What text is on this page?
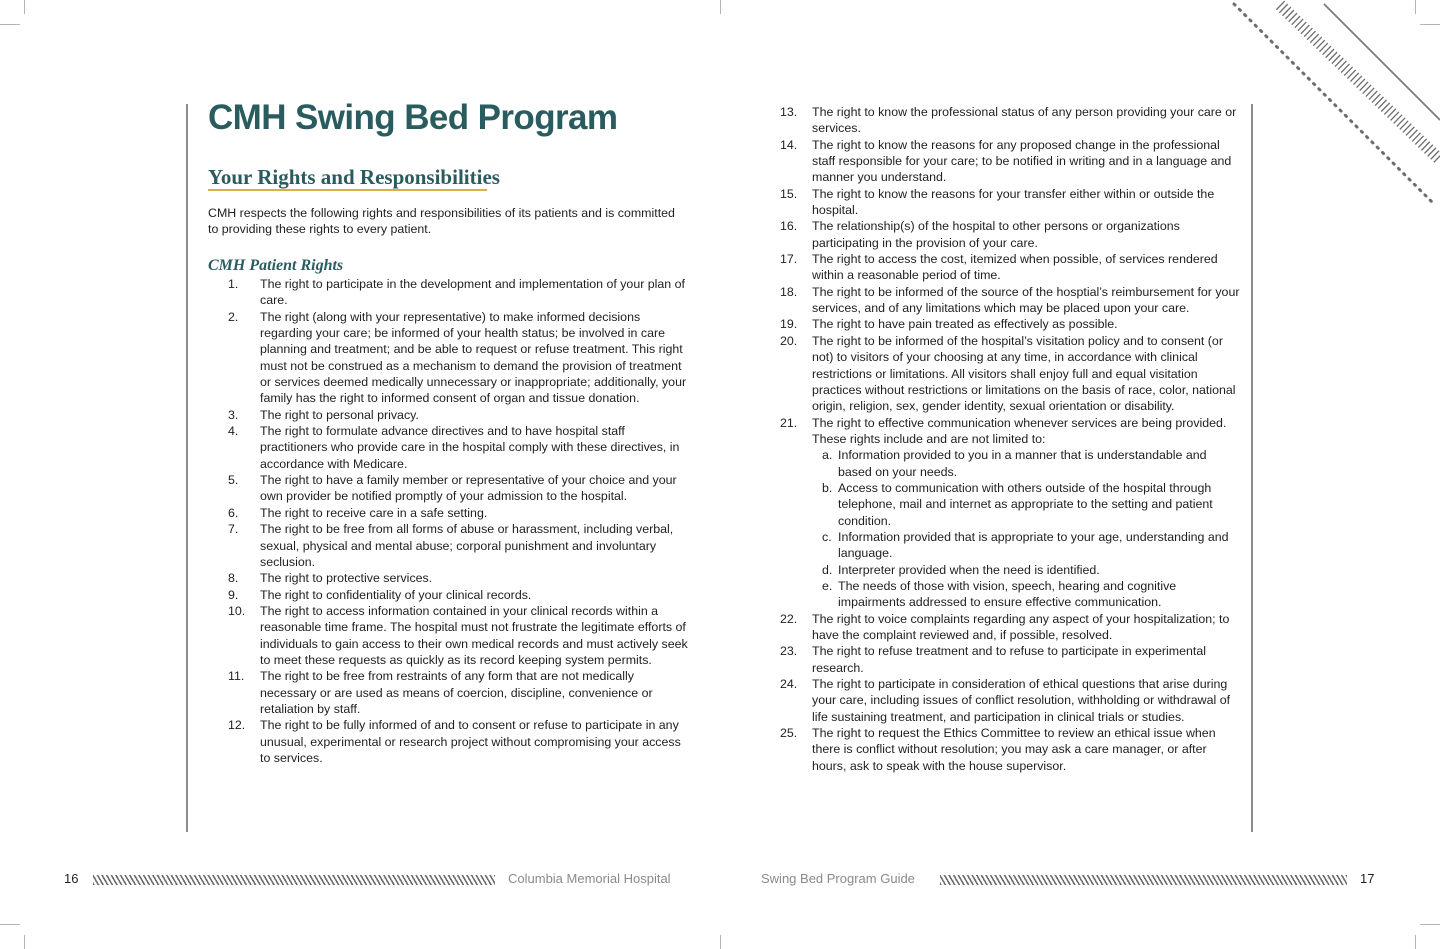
CMH Swing Bed Program
Your Rights and Responsibilities

CMH respects the following rights and responsibilities of its patients and is committed to providing these rights to every patient.

CMH Patient Rights
1. The right to participate in the development and implementation of your plan of care.
2. The right (along with your representative) to make informed decisions regarding your care; be informed of your health status; be involved in care planning and treatment; and be able to request or refuse treatment. This right must not be construed as a mechanism to demand the provision of treatment or services deemed medically unnecessary or inappropriate; additionally, your family has the right to informed consent of organ and tissue donation.
3. The right to personal privacy.
4. The right to formulate advance directives and to have hospital staff practitioners who provide care in the hospital comply with these directives, in accordance with Medicare.
5. The right to have a family member or representative of your choice and your own provider be notified promptly of your admission to the hospital.
6. The right to receive care in a safe setting.
7. The right to be free from all forms of abuse or harassment, including verbal, sexual, physical and mental abuse; corporal punishment and involuntary seclusion.
8. The right to protective services.
9. The right to confidentiality of your clinical records.
10. The right to access information contained in your clinical records within a reasonable time frame. The hospital must not frustrate the legitimate efforts of individuals to gain access to their own medical records and must actively seek to meet these requests as quickly as its record keeping system permits.
11. The right to be free from restraints of any form that are not medically necessary or are used as means of coercion, discipline, convenience or retaliation by staff.
12. The right to be fully informed of and to consent or refuse to participate in any unusual, experimental or research project without compromising your access to services.
13. The right to know the professional status of any person providing your care or services.
14. The right to know the reasons for any proposed change in the professional staff responsible for your care; to be notified in writing and in a language and manner you understand.
15. The right to know the reasons for your transfer either within or outside the hospital.
16. The relationship(s) of the hospital to other persons or organizations participating in the provision of your care.
17. The right to access the cost, itemized when possible, of services rendered within a reasonable period of time.
18. The right to be informed of the source of the hosptial’s reimbursement for your services, and of any limitations which may be placed upon your care.
19. The right to have pain treated as effectively as possible.
20. The right to be informed of the hospital’s visitation policy and to consent (or not) to visitors of your choosing at any time, in accordance with clinical restrictions or limitations. All visitors shall enjoy full and equal visitation practices without restrictions or limitations on the basis of race, color, national origin, religion, sex, gender identity, sexual orientation or disability.
21. The right to effective communication whenever services are being provided. These rights include and are not limited to:
a. Information provided to you in a manner that is understandable and based on your needs.
b. Access to communication with others outside of the hospital through telephone, mail and internet as appropriate to the setting and patient condition.
c. Information provided that is appropriate to your age, understanding and language.
d. Interpreter provided when the need is identified.
e. The needs of those with vision, speech, hearing and cognitive impairments addressed to ensure effective communication.
22. The right to voice complaints regarding any aspect of your hospitalization; to have the complaint reviewed and, if possible, resolved.
23. The right to refuse treatment and to refuse to participate in experimental research.
24. The right to participate in consideration of ethical questions that arise during your care, including issues of conflict resolution, withholding or withdrawal of life sustaining treatment, and participation in clinical trials or studies.
25. The right to request the Ethics Committee to review an ethical issue when there is conflict without resolution; you may ask a care manager, or after hours, ask to speak with the house supervisor.
16	Columbia Memorial Hospital	Swing Bed Program Guide	17
